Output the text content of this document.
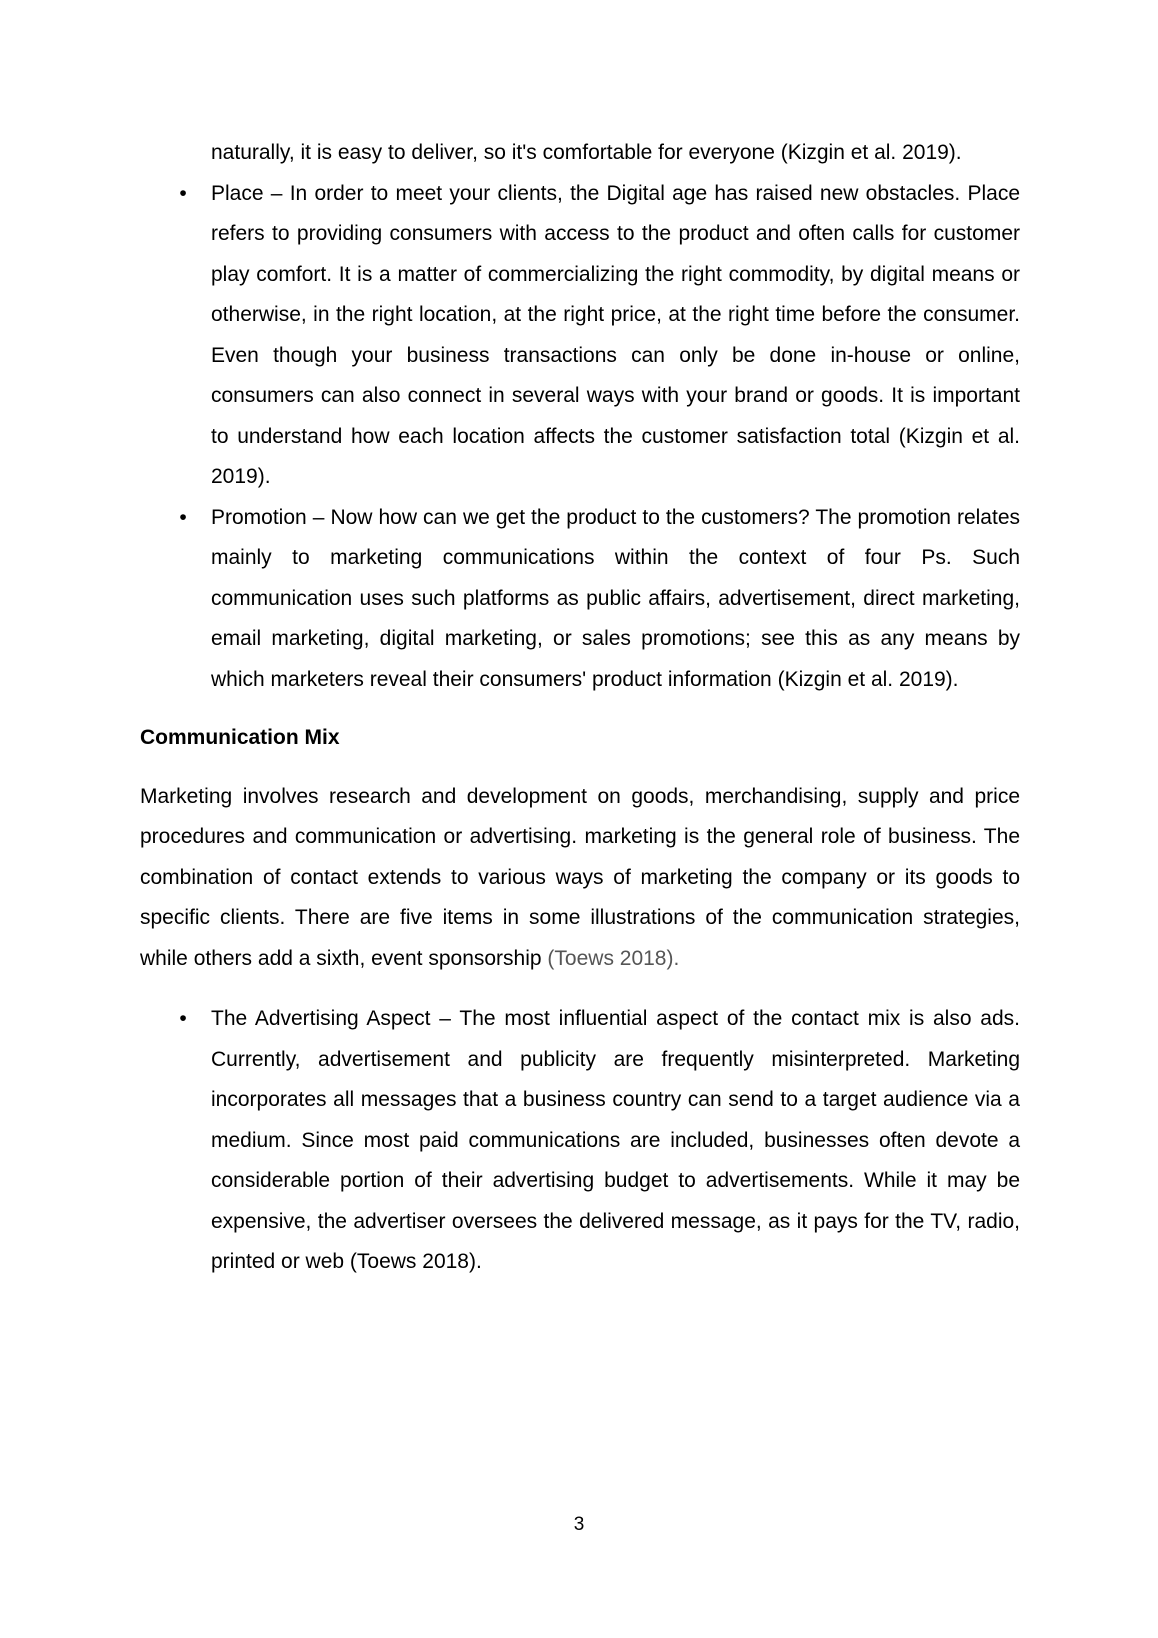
naturally, it is easy to deliver, so it's comfortable for everyone (Kizgin et al. 2019).
• Place – In order to meet your clients, the Digital age has raised new obstacles. Place refers to providing consumers with access to the product and often calls for customer play comfort. It is a matter of commercializing the right commodity, by digital means or otherwise, in the right location, at the right price, at the right time before the consumer. Even though your business transactions can only be done in-house or online, consumers can also connect in several ways with your brand or goods. It is important to understand how each location affects the customer satisfaction total (Kizgin et al. 2019).
• Promotion – Now how can we get the product to the customers? The promotion relates mainly to marketing communications within the context of four Ps. Such communication uses such platforms as public affairs, advertisement, direct marketing, email marketing, digital marketing, or sales promotions; see this as any means by which marketers reveal their consumers' product information (Kizgin et al. 2019).
Communication Mix
Marketing involves research and development on goods, merchandising, supply and price procedures and communication or advertising. marketing is the general role of business. The combination of contact extends to various ways of marketing the company or its goods to specific clients. There are five items in some illustrations of the communication strategies, while others add a sixth, event sponsorship (Toews 2018).
• The Advertising Aspect – The most influential aspect of the contact mix is also ads. Currently, advertisement and publicity are frequently misinterpreted. Marketing incorporates all messages that a business country can send to a target audience via a medium. Since most paid communications are included, businesses often devote a considerable portion of their advertising budget to advertisements. While it may be expensive, the advertiser oversees the delivered message, as it pays for the TV, radio, printed or web (Toews 2018).
3
